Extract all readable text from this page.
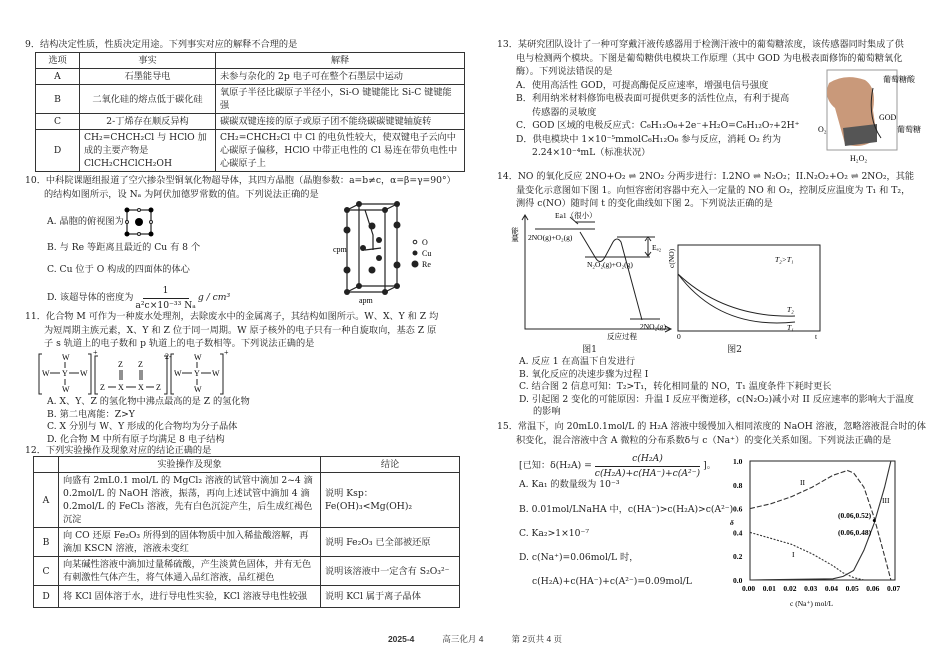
9．结构决定性质，性质决定用途。下列事实对应的解释不合理的是
选项	事实	解释
A	石墨能导电	未参与杂化的 2p 电子可在整个石墨层中运动
B	二氧化硅的熔点低于碳化硅	氧原子半径比碳原子半径小，Si-O 键键能比 Si-C 键键能强
C	2-丁烯存在顺反异构	碳碳双键连接的原子或原子团不能绕碳碳键键轴旋转
D	CH₂=CHCH₂Cl 与 HClO 加成的主要产物是 ClCH₂CHClCH₂OH	CH₂=CHCH₂Cl 中 Cl 的电负性较大，使双键电子云向中心碳原子偏移，HClO 中带正电性的 Cl 易连在带负电性中心碳原子上
10．中科院课题组报道了空穴掺杂型铜氧化物超导体，其四方晶胞（晶胞参数：a=b≠c，α=β=γ=90°）
的结构如图所示，设 Nₐ 为阿伏加德罗常数的值。下列说法正确的是
A. 晶胞的俯视图为
B. 与 Re 等距离且最近的 Cu 有 8 个
C. Cu 位于 O 构成的四面体的体心
D. 该超导体的密度为 $\frac{1}{\text{a²c×10⁻³³ Nₐ}}$ g / cm³
cpm
apm
O
Cu
Re
11．化合物 M 可作为一种废水处理剂，去除废水中的金属离子，其结构如图所示。W、X、Y 和 Z 均
为短周期主族元素，X、Y 和 Z 位于同一周期。W 原子核外的电子只有一种自旋取向，基态 Z 原
子 s 轨道上的电子数和 p 轨道上的电子数相等。下列说法正确的是
W
W Y W
W
+
Z Z
Z X X Z
2-	W
W Y W
W
+
A. X、Y、Z 的氢化物中沸点最高的是 Z 的氢化物
B. 第二电离能：Z>Y
C. X 分别与 W、Y 形成的化合物均为分子晶体
D. 化合物 M 中所有原子均满足 8 电子结构
12．下列实验操作及现象对应的结论正确的是
	实验操作及现象	结论
A	向盛有 2mL0.1 mol/L 的 MgCl₂ 溶液的试管中滴加 2~4 滴 0.2mol/L 的 NaOH 溶液，振荡，再向上述试管中滴加 4 滴 0.2mol/L 的 FeCl₃ 溶液，先有白色沉淀产生，后生成红褐色沉淀	说明 Ksp：Fe(OH)₃<Mg(OH)₂
B	向 CO 还原 Fe₂O₃ 所得到的固体物质中加入稀盐酸溶解，再滴加 KSCN 溶液，溶液未变红	说明 Fe₂O₃ 已全部被还原
C	向某碱性溶液中滴加过量稀硫酸，产生淡黄色固体，并有无色有刺激性气体产生，将气体通入品红溶液，品红褪色	说明该溶液中一定含有 S₂O₃²⁻
D	将 KCl 固体溶于水，进行导电性实验，KCl 溶液导电性较强	说明 KCl 属于离子晶体
13．某研究团队设计了一种可穿戴汗液传感器用于检测汗液中的葡萄糖浓度，该传感器同时集成了供
电与检测两个模块。下图是葡萄糖供电模块工作原理（其中 GOD 为电极表面修饰的葡萄糖氧化
酶）。下列说法错误的是
A．使用高活性 GOD，可提高酶促反应速率，增强电信号强度
B．利用纳米材料修饰电极表面可提供更多的活性位点，有利于提高
传感器的灵敏度
C．GOD 区域的电极反应式：C₆H₁₂O₆+2e⁻+H₂O=C₆H₁₂O₇+2H⁺
D．供电模块中 1×10⁻⁵mmolC₆H₁₂O₆ 参与反应，消耗 O₂ 约为
2.24×10⁻⁴mL（标准状况）
葡萄糖酸
GOD
葡萄糖
O₂
H₂O₂
14．NO 的氧化反应 2NO+O₂ ⇌ 2NO₂ 分两步进行：I.2NO ⇌ N₂O₂；II.N₂O₂+O₂ ⇌ 2NO₂，其能
量变化示意图如下图 1。向恒容密闭容器中充入一定量的 NO 和 O₂，控制反应温度为 T₁ 和 T₂，
测得 c(NO）随时间 t 的变化曲线如下图 2。下列说法正确的是
能量
Ea1（很小）
2NO(g)+O₂(g)
Eₐ₂
N₂O₂(g)+O₂(g)
2NO₂(g)
反应过程
c(NO)	T₂>T₁
T₂
T₁
0	t
图1	图2
A. 反应 1 在高温下自发进行
B. 氧化反应的决速步骤为过程 I
C. 结合图 2 信息可知：T₂>T₁，转化相同量的 NO，T₁ 温度条件下耗时更长
D. 引起图 2 变化的可能原因：升温 I 反应平衡逆移，c(N₂O₂)减小对 II 反应速率的影响大于温度
的影响
15．常温下，向 20mL0.1mol/L 的 H₂A 溶液中缓慢加入相同浓度的 NaOH 溶液，忽略溶液混合时的体
积变化，混合溶液中含 A 微粒的分布系数δ与 c（Na⁺）的变化关系如图。下列说法正确的是
[已知：$\delta(H_2A) = \frac{\text{c(H₂A)}}{\text{c(H₂A)+c(HA⁻)+c(A²⁻)}}$ ]。
A. Ka₁ 的数量级为 10⁻³
B. 0.01mol/LNaHA 中，c(HA⁻)>c(H₂A)>c(A²⁻)
C. Ka₂>1×10⁻⁷
D. c(Na⁺)=0.06mol/L 时，
c(H₂A)+c(HA⁻)+c(A²⁻)=0.09mol/L
0.00 0.01 0.02 0.03 0.04 0.05 0.06 0.07
0.0
0.2
0.4
0.6
0.8
1.0
δ
c (Na⁺) mol/L
I
II
III
(0.06,0.52)
(0.06,0.48)
2025-4	高三化月 4	第 2页共 4 页
